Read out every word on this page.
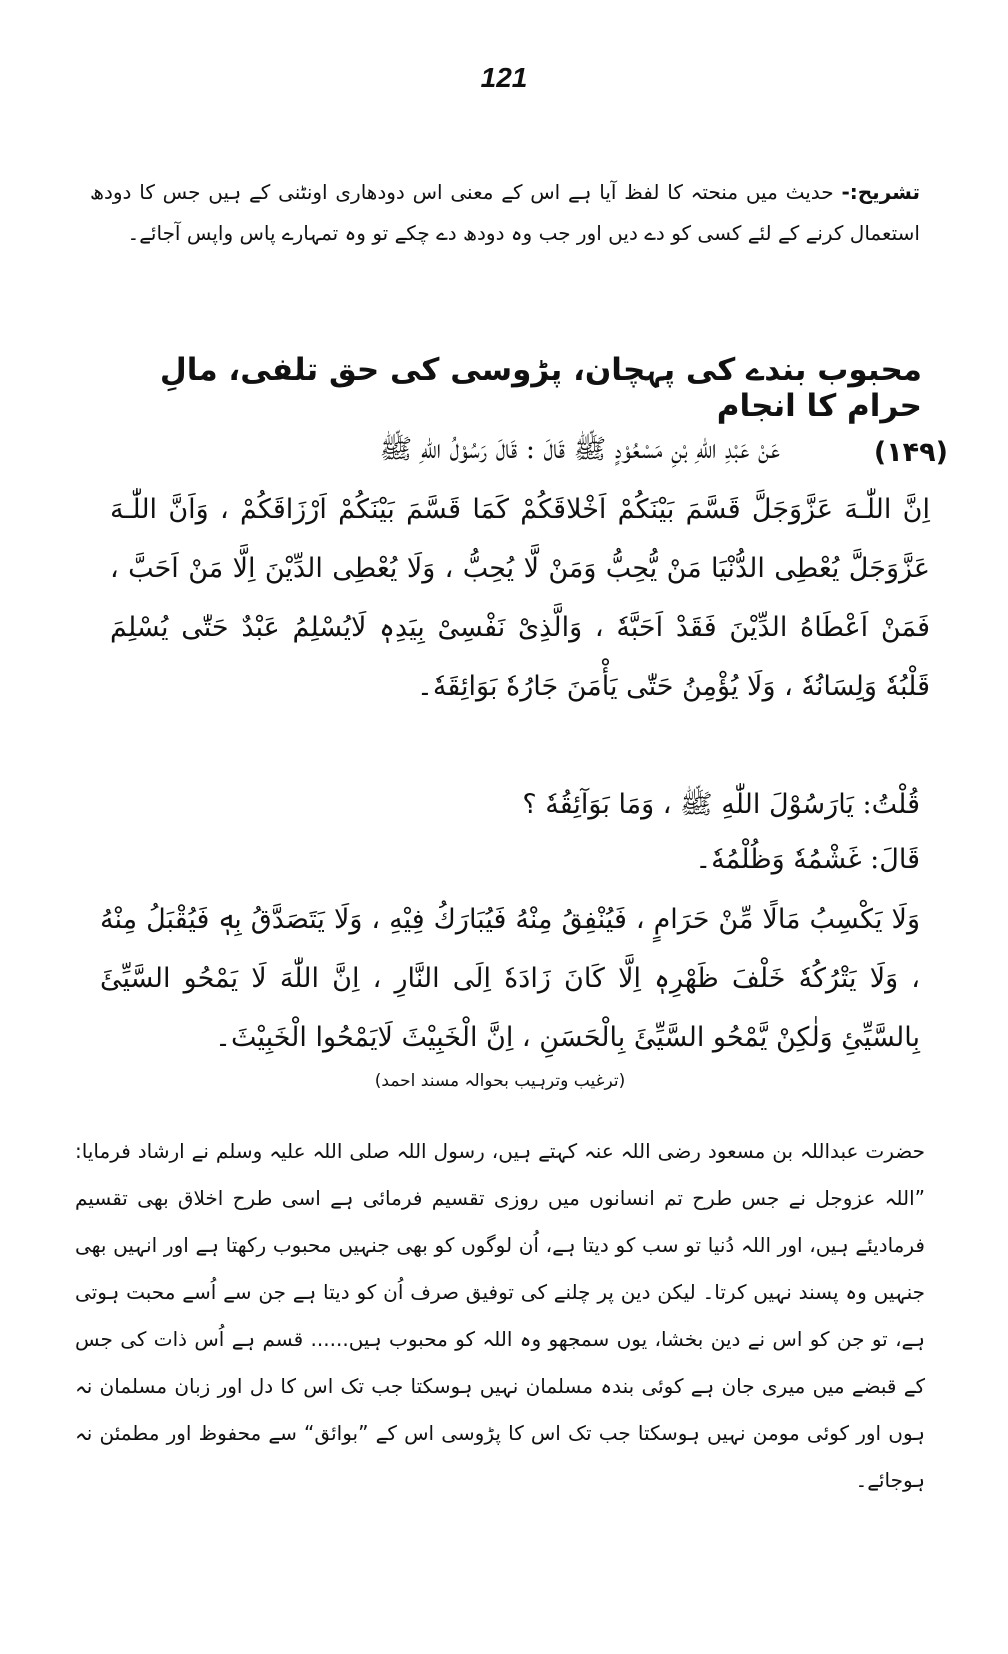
121
تشریح:- حدیث میں منحتہ کا لفظ آیا ہے اس کے معنی اس دودھاری اونٹنی کے ہیں جس کا دودھ استعمال کرنے کے لئے کسی کو دے دیں اور جب وہ دودھ دے چکے تو وہ تمہارے پاس واپس آجائے۔
محبوب بندے کی پہچان، پڑوسی کی حق تلفی، مالِ حرام کا انجام
(۱۴۹)
عَنْ عَبْدِ اللّٰهِ بْنِ مَسْعُوْدٍ ﷺ قَالَ : قَالَ رَسُوْلُ اللّٰهِ ﷺ
اِنَّ اللّٰـهَ عَزَّوَجَلَّ قَسَّمَ بَيْنَكُمْ اَخْلاقَكُمْ كَمَا قَسَّمَ بَيْنَكُمْ اَرْزَاقَكُمْ ، وَاَنَّ اللّٰـهَ عَزَّوَجَلَّ يُعْطِى الدُّنْيَا مَنْ يُّحِبُّ وَمَنْ لَّا يُحِبُّ ، وَلَا يُعْطِى الدِّيْنَ اِلَّا مَنْ اَحَبَّ ، فَمَنْ اَعْطَاهُ الدِّيْنَ فَقَدْ اَحَبَّهٗ ، وَالَّذِىْ نَفْسِىْ بِيَدِهٖ لَايُسْلِمُ عَبْدٌ حَتّٰى يُسْلِمَ قَلْبُهٗ وَلِسَانُهٗ ، وَلَا يُؤْمِنُ حَتّٰى يَأْمَنَ جَارُهٗ بَوَائِقَهٗ۔
قُلْتُ: يَارَسُوْلَ اللّٰهِ ﷺ ، وَمَا بَوَآئِقُهٗ ؟
قَالَ: غَشْمُهٗ وَظُلْمُهٗ۔
وَلَا يَكْسِبُ مَالًا مِّنْ حَرَامٍ ، فَيُنْفِقُ مِنْهُ فَيُبَارَكُ فِيْهِ ، وَلَا يَتَصَدَّقُ بِهٖ فَيُقْبَلُ مِنْهُ ، وَلَا يَتْرُكُهٗ خَلْفَ ظَهْرِهٖ اِلَّا كَانَ زَادَهٗ اِلَى النَّارِ ، اِنَّ اللّٰهَ لَا يَمْحُو السَّيِّئَ بِالسَّيِّئِ وَلٰكِنْ يَّمْحُو السَّيِّئَ بِالْحَسَنِ ، اِنَّ الْخَبِيْثَ لَايَمْحُوا الْخَبِيْثَ۔
(ترغیب وترہیب بحوالہ مسند احمد)
حضرت عبداللہ بن مسعود رضی اللہ عنہ کہتے ہیں، رسول اللہ صلی اللہ علیہ وسلم نے ارشاد فرمایا: ”اللہ عزوجل نے جس طرح تم انسانوں میں روزی تقسیم فرمائی ہے اسی طرح اخلاق بھی تقسیم فرمادیئے ہیں، اور اللہ دُنیا تو سب کو دیتا ہے، اُن لوگوں کو بھی جنہیں محبوب رکھتا ہے اور انہیں بھی جنہیں وہ پسند نہیں کرتا۔ لیکن دین پر چلنے کی توفیق صرف اُن کو دیتا ہے جن سے اُسے محبت ہوتی ہے، تو جن کو اس نے دین بخشا، یوں سمجھو وہ اللہ کو محبوب ہیں...... قسم ہے اُس ذات کی جس کے قبضے میں میری جان ہے کوئی بندہ مسلمان نہیں ہوسکتا جب تک اس کا دل اور زبان مسلمان نہ ہوں اور کوئی مومن نہیں ہوسکتا جب تک اس کا پڑوسی اس کے ”بوائق“ سے محفوظ اور مطمئن نہ ہوجائے۔
